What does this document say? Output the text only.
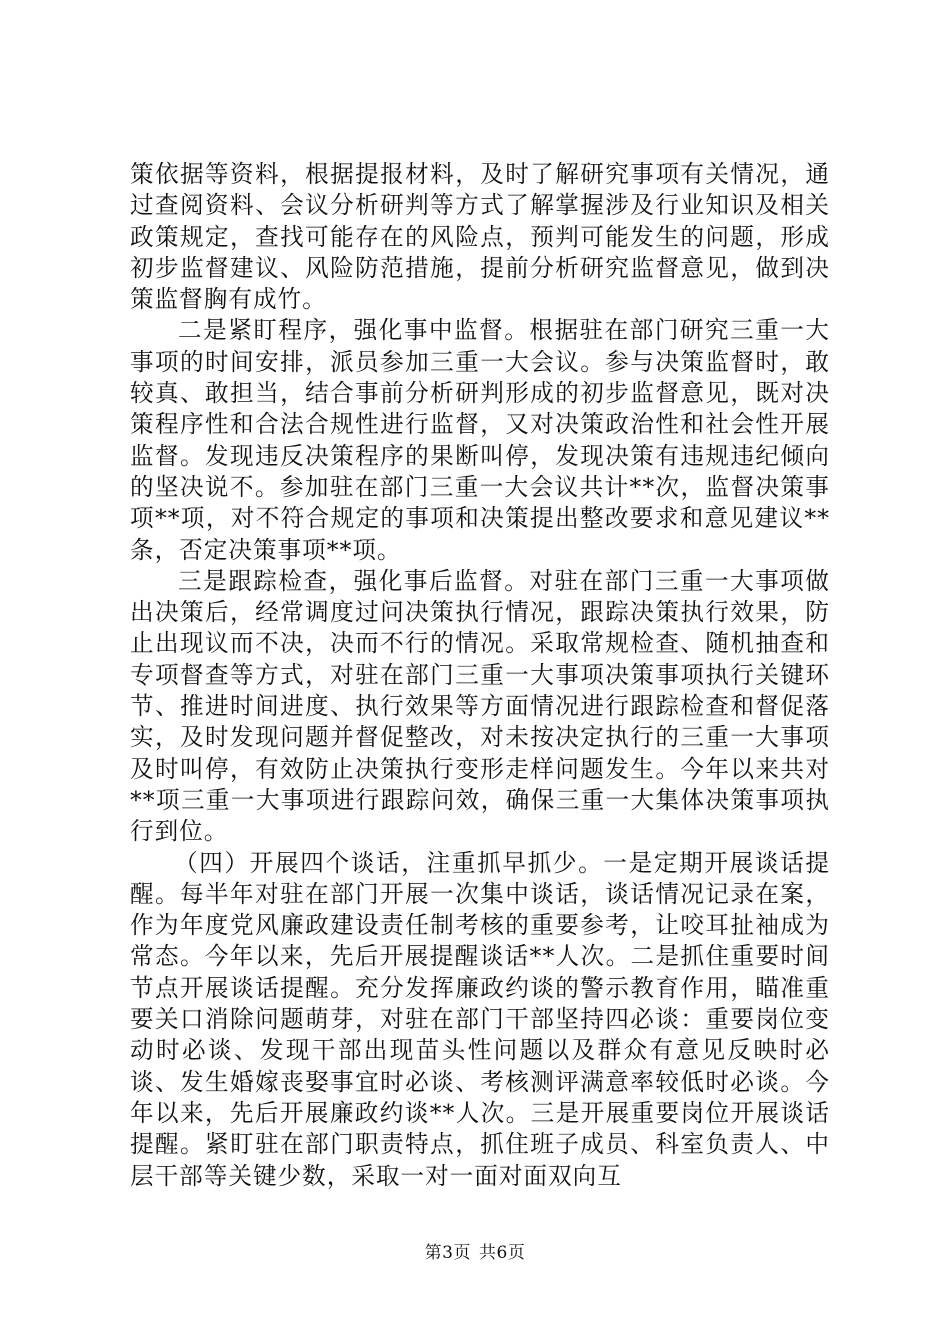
策依据等资料，根据提报材料，及时了解研究事项有关情况，通过查阅资料、会议分析研判等方式了解掌握涉及行业知识及相关政策规定，查找可能存在的风险点，预判可能发生的问题，形成初步监督建议、风险防范措施，提前分析研究监督意见，做到决策监督胸有成竹。

二是紧盯程序，强化事中监督。根据驻在部门研究三重一大事项的时间安排，派员参加三重一大会议。参与决策监督时，敢较真、敢担当，结合事前分析研判形成的初步监督意见，既对决策程序性和合法合规性进行监督，又对决策政治性和社会性开展监督。发现违反决策程序的果断叫停，发现决策有违规违纪倾向的坚决说不。参加驻在部门三重一大会议共计**次，监督决策事项**项，对不符合规定的事项和决策提出整改要求和意见建议**条，否定决策事项**项。

三是跟踪检查，强化事后监督。对驻在部门三重一大事项做出决策后，经常调度过问决策执行情况，跟踪决策执行效果，防止出现议而不决，决而不行的情况。采取常规检查、随机抽查和专项督查等方式，对驻在部门三重一大事项决策事项执行关键环节、推进时间进度、执行效果等方面情况进行跟踪检查和督促落实，及时发现问题并督促整改，对未按决定执行的三重一大事项及时叫停，有效防止决策执行变形走样问题发生。今年以来共对**项三重一大事项进行跟踪问效，确保三重一大集体决策事项执行到位。

（四）开展四个谈话，注重抓早抓少。一是定期开展谈话提醒。每半年对驻在部门开展一次集中谈话，谈话情况记录在案，作为年度党风廉政建设责任制考核的重要参考，让咬耳扯袖成为常态。今年以来，先后开展提醒谈话**人次。二是抓住重要时间节点开展谈话提醒。充分发挥廉政约谈的警示教育作用，瞄准重要关口消除问题萌芽，对驻在部门干部坚持四必谈：重要岗位变动时必谈、发现干部出现苗头性问题以及群众有意见反映时必谈、发生婚嫁丧娶事宜时必谈、考核测评满意率较低时必谈。今年以来，先后开展廉政约谈**人次。三是开展重要岗位开展谈话提醒。紧盯驻在部门职责特点，抓住班子成员、科室负责人、中层干部等关键少数，采取一对一面对面双向互

第3页 共6页
